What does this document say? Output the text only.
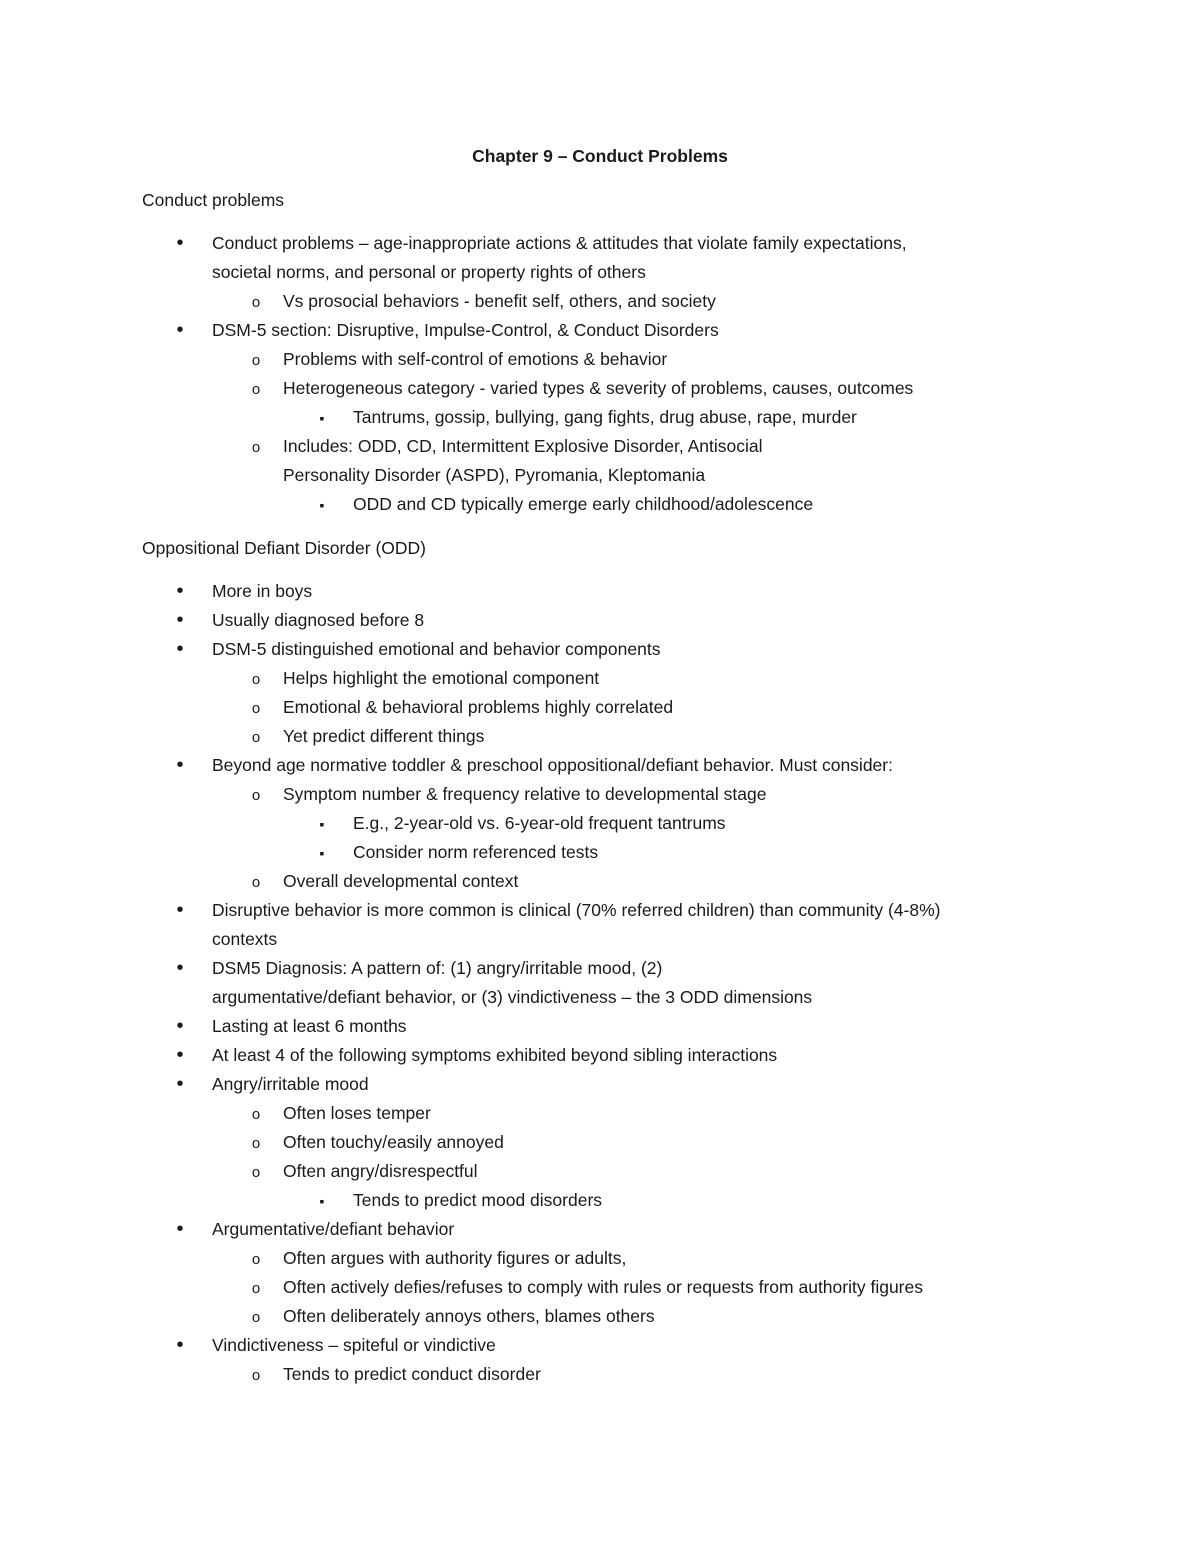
Chapter 9 – Conduct Problems
Conduct problems
•
Conduct problems – age-inappropriate actions & attitudes that violate family expectations,
societal norms, and personal or property rights of others
o
Vs prosocial behaviors - benefit self, others, and society
•
DSM-5 section: Disruptive, Impulse-Control, & Conduct Disorders
o
Problems with self-control of emotions & behavior
o
Heterogeneous category - varied types & severity of problems, causes, outcomes
▪
Tantrums, gossip, bullying, gang fights, drug abuse, rape, murder
o
Includes: ODD, CD, Intermittent Explosive Disorder, Antisocial
Personality Disorder (ASPD), Pyromania, Kleptomania
▪
ODD and CD typically emerge early childhood/adolescence
Oppositional Defiant Disorder (ODD)
•
More in boys
•
Usually diagnosed before 8
•
DSM-5 distinguished emotional and behavior components
o
Helps highlight the emotional component
o
Emotional & behavioral problems highly correlated
o
Yet predict different things
•
Beyond age normative toddler & preschool oppositional/defiant behavior. Must consider:
o
Symptom number & frequency relative to developmental stage
▪
E.g., 2-year-old vs. 6-year-old frequent tantrums
▪
Consider norm referenced tests
o
Overall developmental context
•
Disruptive behavior is more common is clinical (70% referred children) than community (4-8%)
contexts
•
DSM5 Diagnosis: A pattern of: (1) angry/irritable mood, (2)
argumentative/defiant behavior, or (3) vindictiveness – the 3 ODD dimensions
•
Lasting at least 6 months
•
At least 4 of the following symptoms exhibited beyond sibling interactions
•
Angry/irritable mood
o
Often loses temper
o
Often touchy/easily annoyed
o
Often angry/disrespectful
▪
Tends to predict mood disorders
•
Argumentative/defiant behavior
o
Often argues with authority figures or adults,
o
Often actively defies/refuses to comply with rules or requests from authority figures
o
Often deliberately annoys others, blames others
•
Vindictiveness – spiteful or vindictive
o
Tends to predict conduct disorder
